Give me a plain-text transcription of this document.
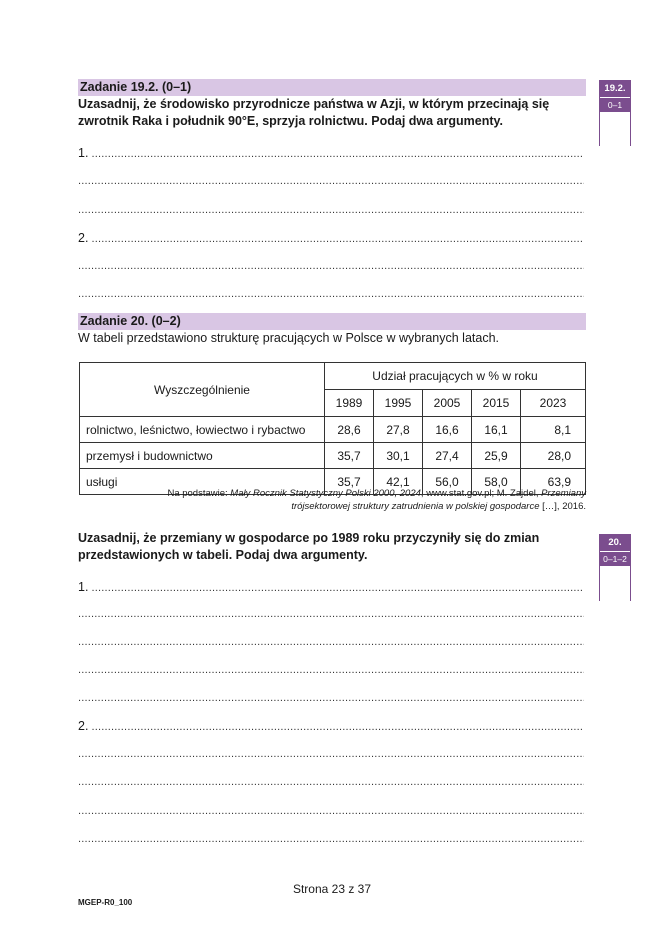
Zadanie 19.2. (0–1)
Uzasadnij, że środowisko przyrodnicze państwa w Azji, w którym przecinają się
zwrotnik Raka i południk 90°E, sprzyja rolnictwu. Podaj dwa argumenty.
19.2.
0–1
1. .....
.....
.....
2. .....
.....
.....
Zadanie 20. (0–2)
W tabeli przedstawiono strukturę pracujących w Polsce w wybranych latach.
Wyszczególnienie	Udział pracujących w % w roku				
	1989	1995	2005	2015	2023
rolnictwo, leśnictwo, łowiectwo i rybactwo	28,6	27,8	16,6	16,1	8,1
przemysł i budownictwo	35,7	30,1	27,4	25,9	28,0
usługi	35,7	42,1	56,0	58,0	63,9
Na podstawie: Mały Rocznik Statystyczny Polski 2000, 2024, www.stat.gov.pl; M. Zajdel, Przemiany
trójsektorowej struktury zatrudnienia w polskiej gospodarce […], 2016.
Uzasadnij, że przemiany w gospodarce po 1989 roku przyczyniły się do zmian
przedstawionych w tabeli. Podaj dwa argumenty.
20.
0–1–2
1. .....
.....
.....
.....
.....
2. .....
.....
.....
.....
.....
Strona 23 z 37
MGEP-R0_100
